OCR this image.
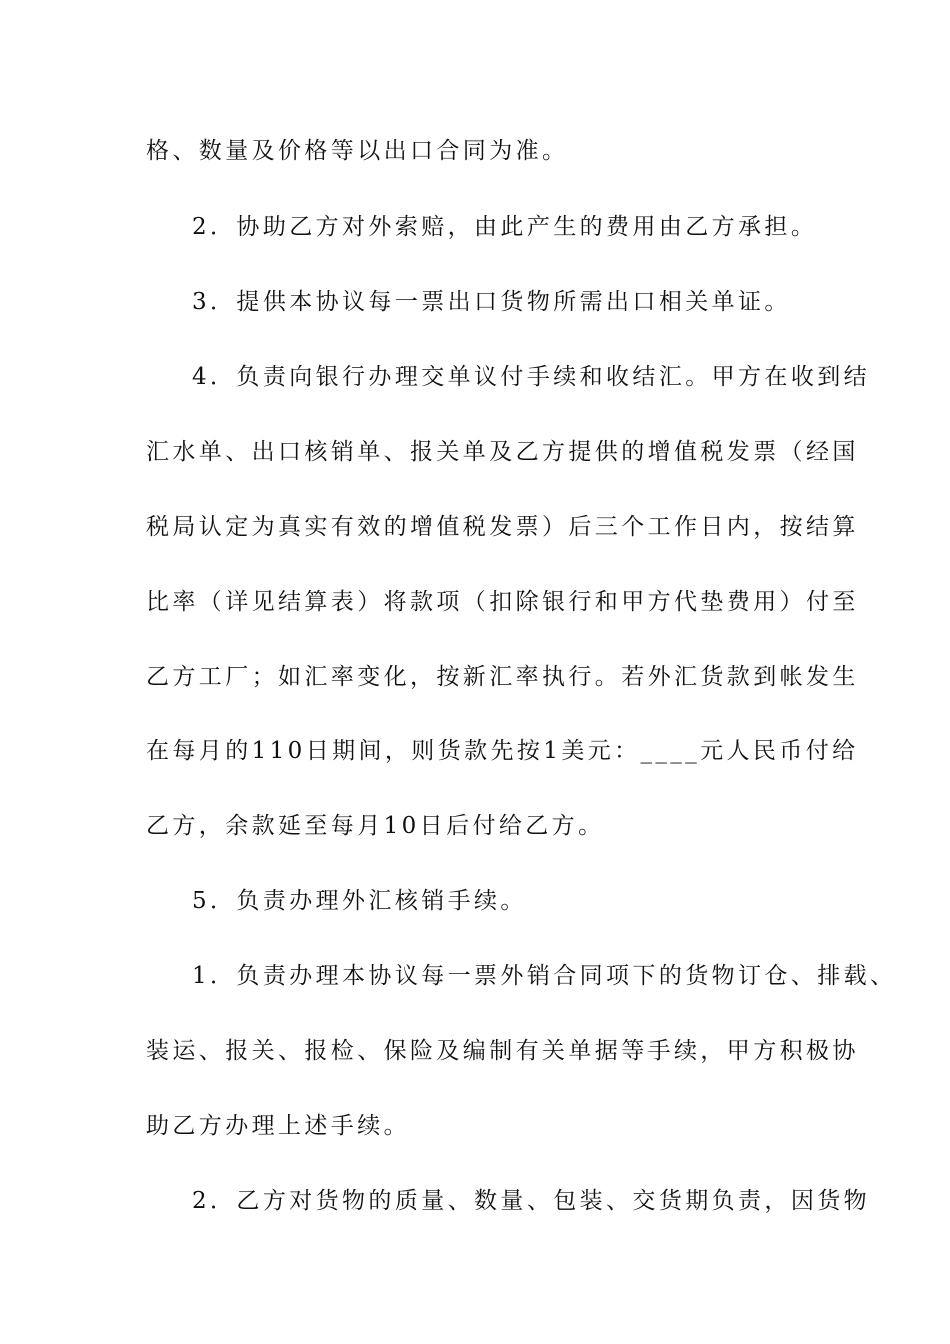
格、数量及价格等以出口合同为准。
2．协助乙方对外索赔，由此产生的费用由乙方承担。
3．提供本协议每一票出口货物所需出口相关单证。
4．负责向银行办理交单议付手续和收结汇。甲方在收到结
汇水单、出口核销单、报关单及乙方提供的增值税发票（经国
税局认定为真实有效的增值税发票）后三个工作日内，按结算
比率（详见结算表）将款项（扣除银行和甲方代垫费用）付至
乙方工厂；如汇率变化，按新汇率执行。若外汇货款到帐发生
在每月的110日期间，则货款先按1美元：____元人民币付给
乙方，余款延至每月10日后付给乙方。
5．负责办理外汇核销手续。
1．负责办理本协议每一票外销合同项下的货物订仓、排载、
装运、报关、报检、保险及编制有关单据等手续，甲方积极协
助乙方办理上述手续。
2．乙方对货物的质量、数量、包装、交货期负责，因货物
